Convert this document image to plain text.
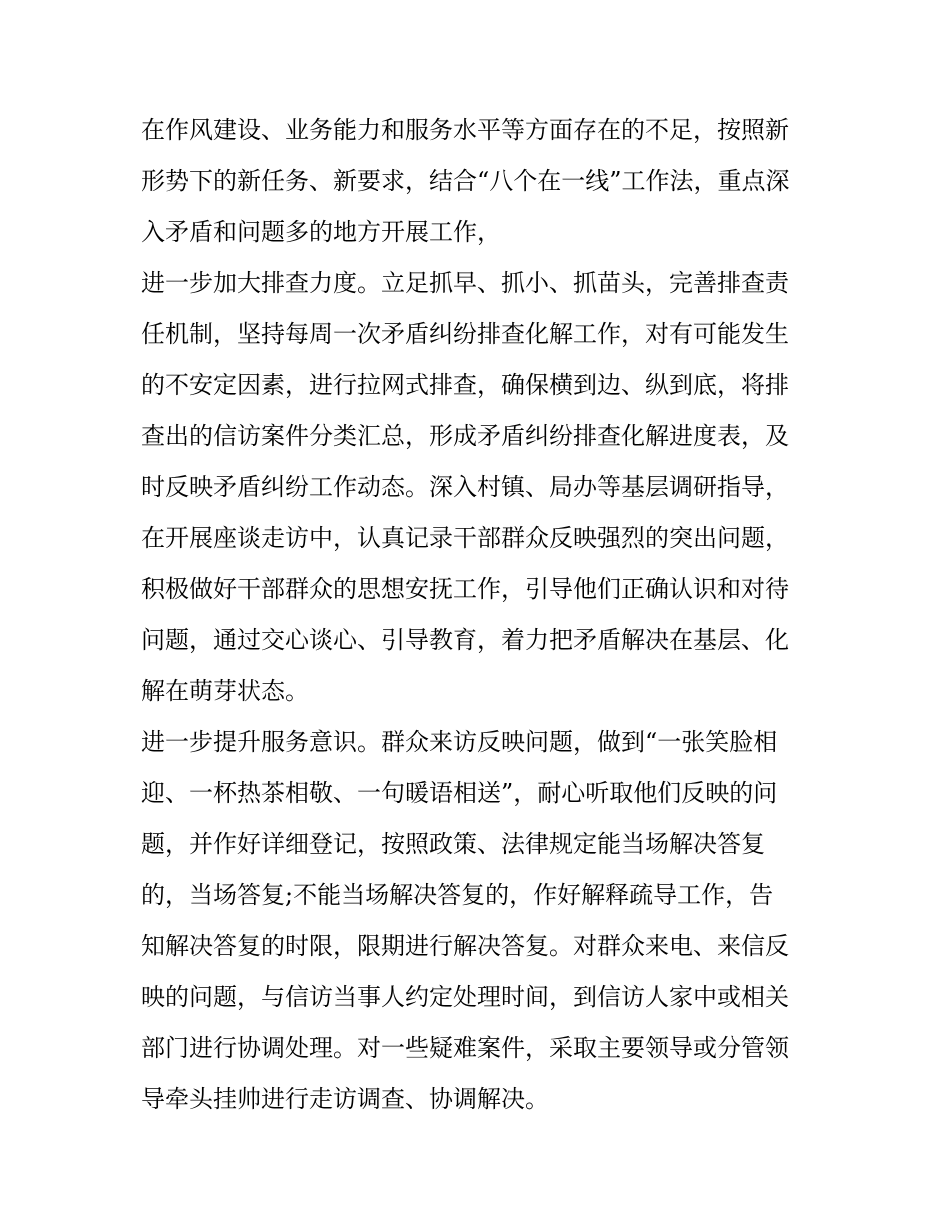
在作风建设、业务能力和服务水平等方面存在的不足，按照新
形势下的新任务、新要求，结合“八个在一线”工作法，重点深
入矛盾和问题多的地方开展工作，
进一步加大排查力度。立足抓早、抓小、抓苗头，完善排查责
任机制，坚持每周一次矛盾纠纷排查化解工作，对有可能发生
的不安定因素，进行拉网式排查，确保横到边、纵到底，将排
查出的信访案件分类汇总，形成矛盾纠纷排查化解进度表，及
时反映矛盾纠纷工作动态。深入村镇、局办等基层调研指导，
在开展座谈走访中，认真记录干部群众反映强烈的突出问题，
积极做好干部群众的思想安抚工作，引导他们正确认识和对待
问题，通过交心谈心、引导教育，着力把矛盾解决在基层、化
解在萌芽状态。
进一步提升服务意识。群众来访反映问题，做到“一张笑脸相
迎、一杯热茶相敬、一句暖语相送”，耐心听取他们反映的问
题，并作好详细登记，按照政策、法律规定能当场解决答复
的，当场答复;不能当场解决答复的，作好解释疏导工作，告
知解决答复的时限，限期进行解决答复。对群众来电、来信反
映的问题，与信访当事人约定处理时间，到信访人家中或相关
部门进行协调处理。对一些疑难案件，采取主要领导或分管领
导牵头挂帅进行走访调查、协调解决。
